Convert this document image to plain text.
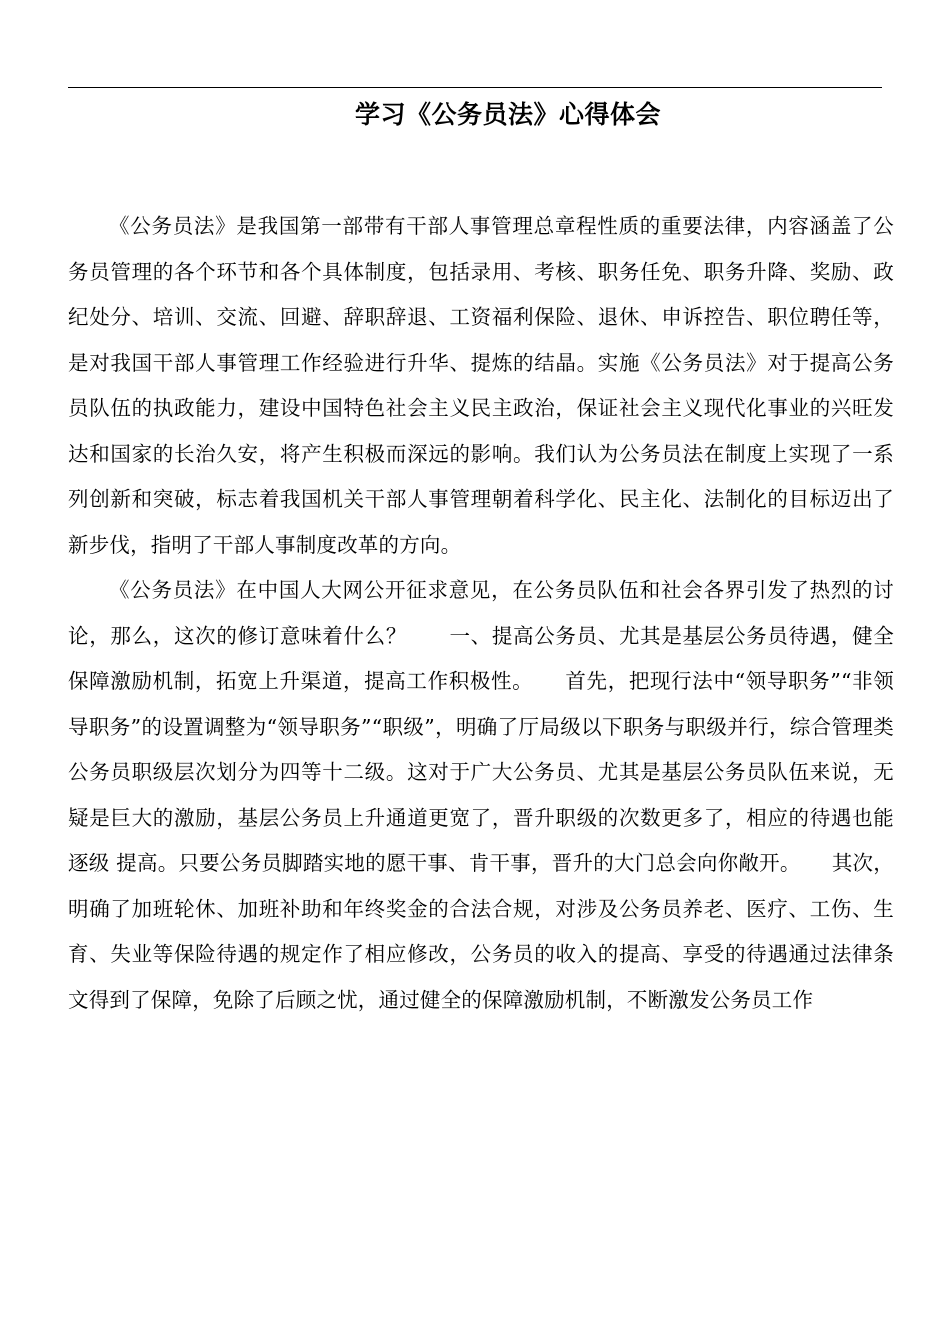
学习《公务员法》心得体会

《公务员法》是我国第一部带有干部人事管理总章程性质的重要法律，内容涵盖了公务员管理的各个环节和各个具体制度，包括录用、考核、职务任免、职务升降、奖励、政纪处分、培训、交流、回避、辞职辞退、工资福利保险、退休、申诉控告、职位聘任等，是对我国干部人事管理工作经验进行升华、提炼的结晶。实施《公务员法》对于提高公务员队伍的执政能力，建设中国特色社会主义民主政治，保证社会主义现代化事业的兴旺发达和国家的长治久安，将产生积极而深远的影响。我们认为公务员法在制度上实现了一系列创新和突破，标志着我国机关干部人事管理朝着科学化、民主化、法制化的目标迈出了新步伐，指明了干部人事制度改革的方向。

《公务员法》在中国人大网公开征求意见，在公务员队伍和社会各界引发了热烈的讨论，那么，这次的修订意味着什么？　　一、提高公务员、尤其是基层公务员待遇，健全保障激励机制，拓宽上升渠道，提高工作积极性。　　首先，把现行法中“领导职务”“非领导职务”的设置调整为“领导职务”“职级”，明确了厅局级以下职务与职级并行，综合管理类公务员职级层次划分为四等十二级。这对于广大公务员、尤其是基层公务员队伍来说，无疑是巨大的激励，基层公务员上升通道更宽了，晋升职级的次数更多了，相应的待遇也能逐级 提高。只要公务员脚踏实地的愿干事、肯干事，晋升的大门总会向你敞开。　　其次，明确了加班轮休、加班补助和年终奖金的合法合规，对涉及公务员养老、医疗、工伤、生育、失业等保险待遇的规定作了相应修改，公务员的收入的提高、享受的待遇通过法律条文得到了保障，免除了后顾之忧，通过健全的保障激励机制，不断激发公务员工作
